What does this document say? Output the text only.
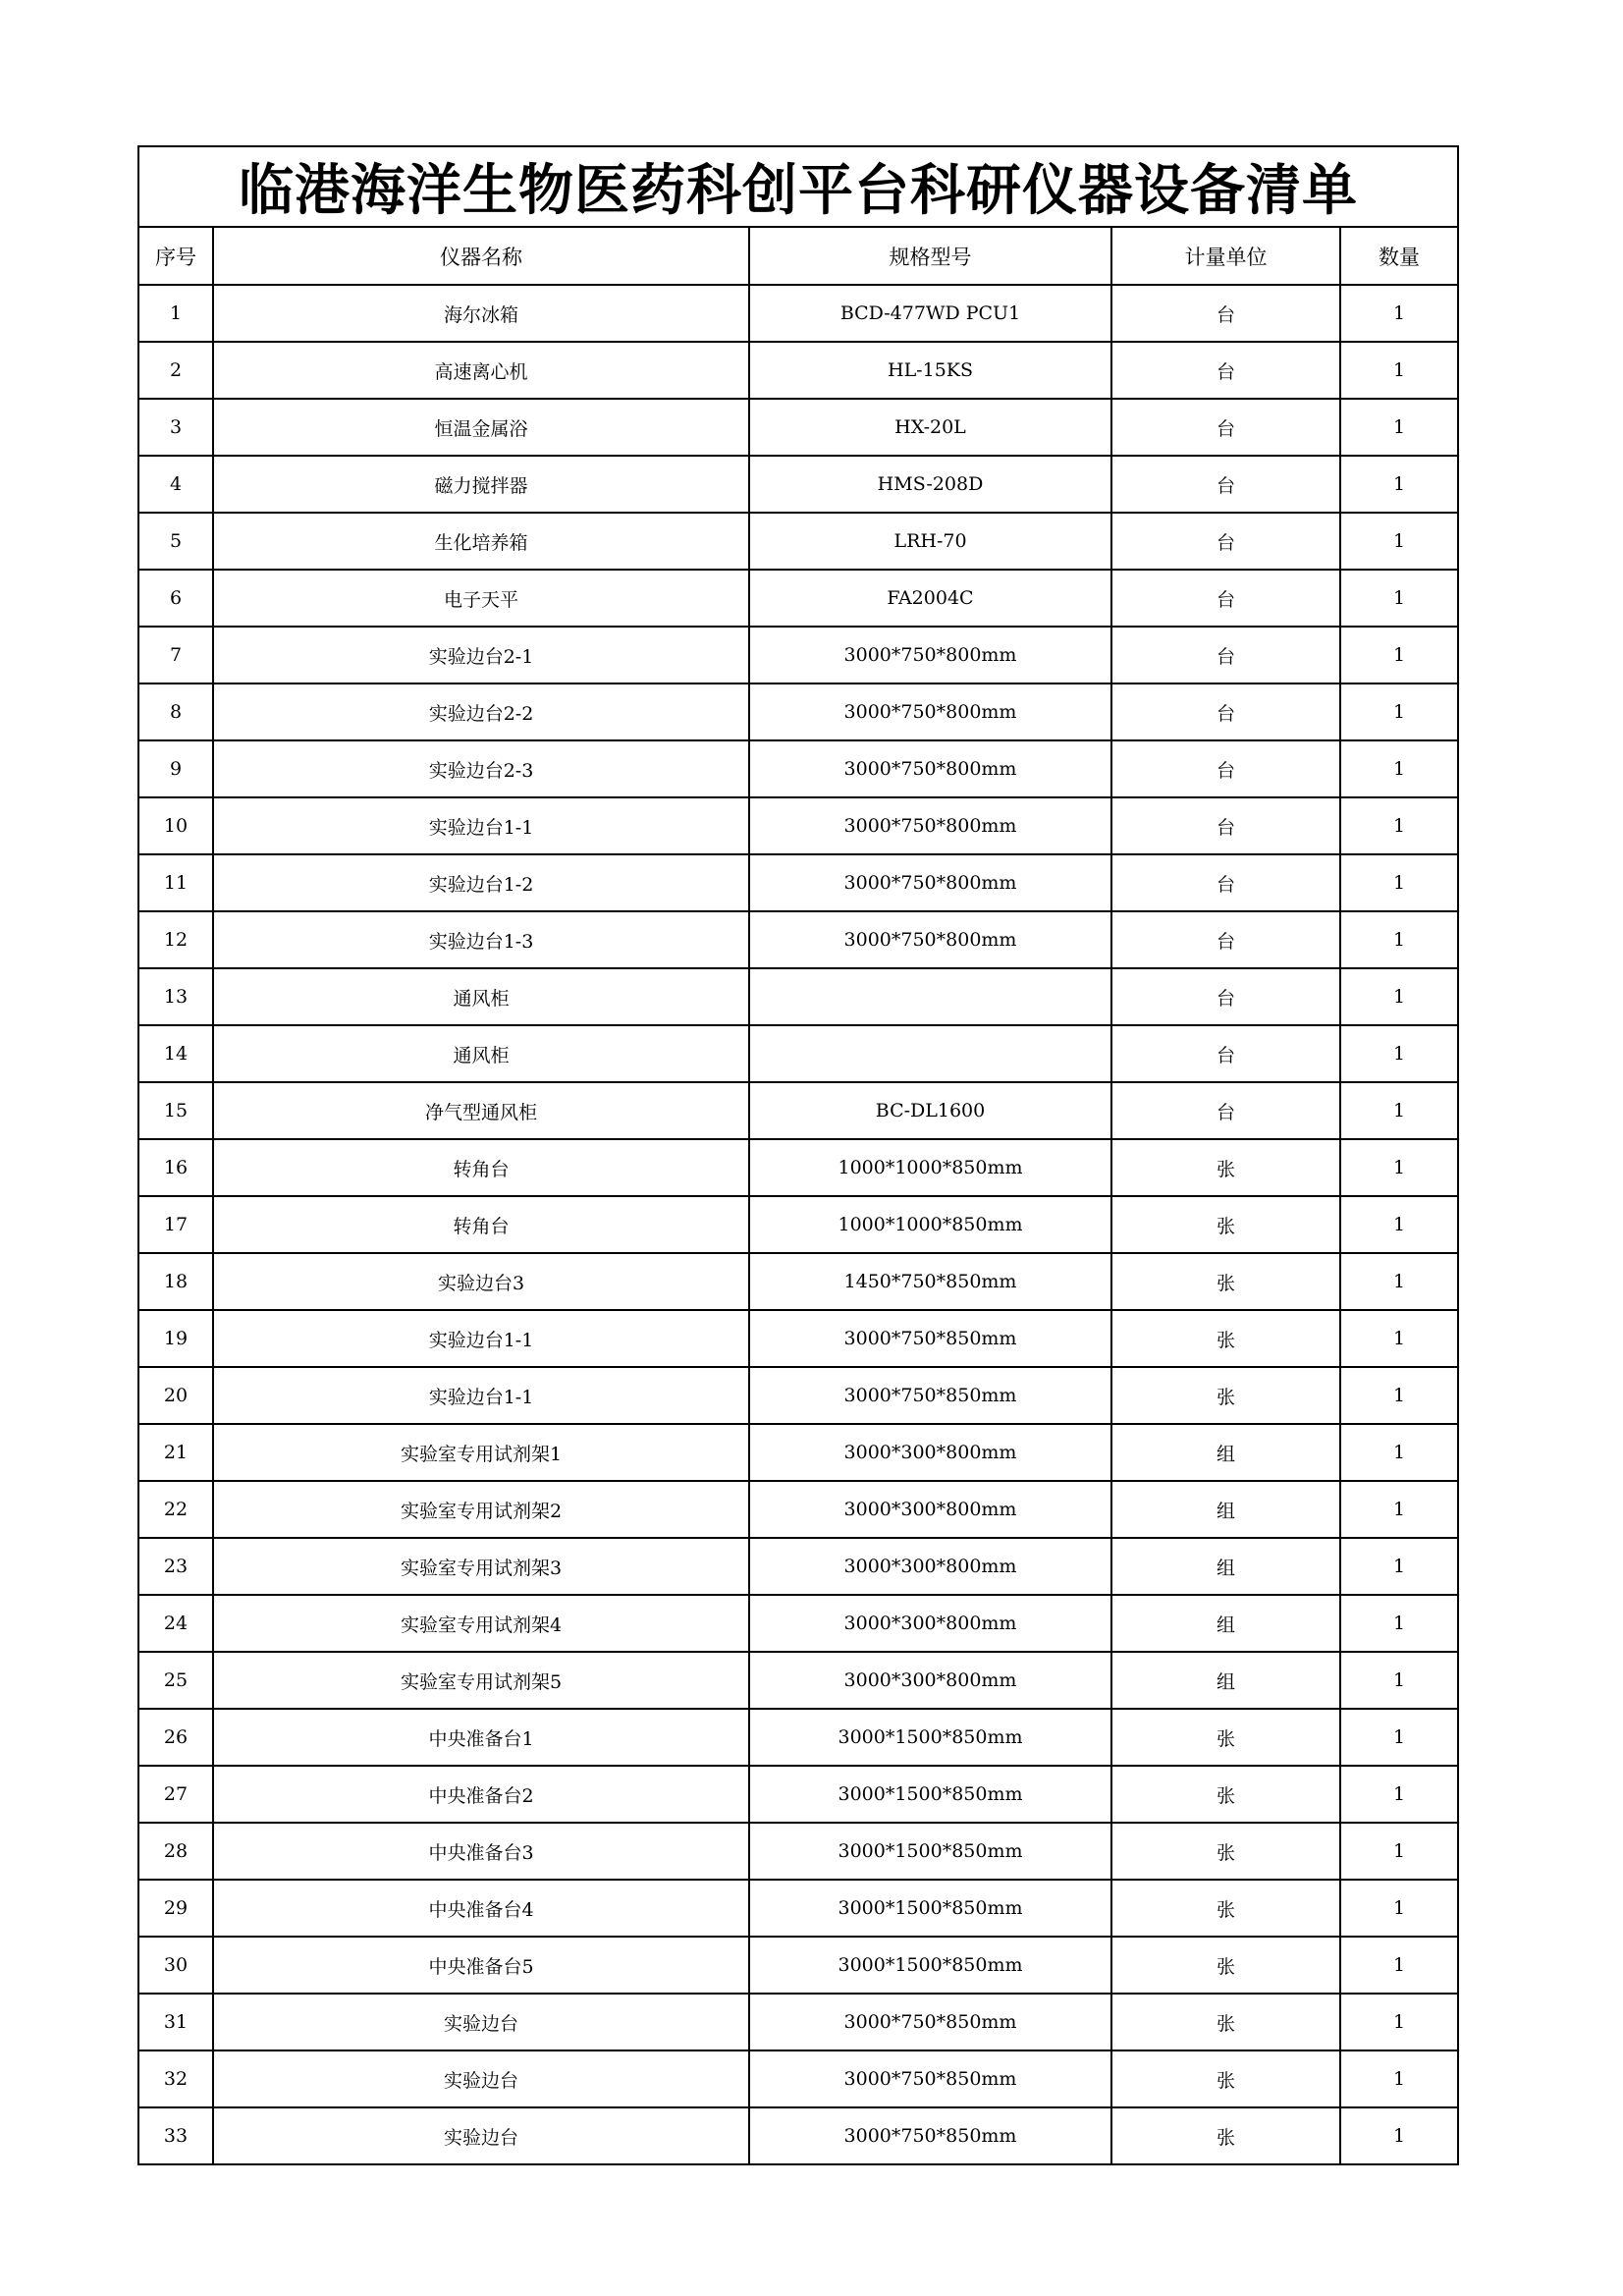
临港海洋生物医药科创平台科研仪器设备清单				
序号	仪器名称	规格型号	计量单位	数量
1	海尔冰箱	BCD-477WD PCU1	台	1
2	高速离心机	HL-15KS	台	1
3	恒温金属浴	HX-20L	台	1
4	磁力搅拌器	HMS-208D	台	1
5	生化培养箱	LRH-70	台	1
6	电子天平	FA2004C	台	1
7	实验边台2-1	3000*750*800mm	台	1
8	实验边台2-2	3000*750*800mm	台	1
9	实验边台2-3	3000*750*800mm	台	1
10	实验边台1-1	3000*750*800mm	台	1
11	实验边台1-2	3000*750*800mm	台	1
12	实验边台1-3	3000*750*800mm	台	1
13	通风柜		台	1
14	通风柜		台	1
15	净气型通风柜	BC-DL1600	台	1
16	转角台	1000*1000*850mm	张	1
17	转角台	1000*1000*850mm	张	1
18	实验边台3	1450*750*850mm	张	1
19	实验边台1-1	3000*750*850mm	张	1
20	实验边台1-1	3000*750*850mm	张	1
21	实验室专用试剂架1	3000*300*800mm	组	1
22	实验室专用试剂架2	3000*300*800mm	组	1
23	实验室专用试剂架3	3000*300*800mm	组	1
24	实验室专用试剂架4	3000*300*800mm	组	1
25	实验室专用试剂架5	3000*300*800mm	组	1
26	中央准备台1	3000*1500*850mm	张	1
27	中央准备台2	3000*1500*850mm	张	1
28	中央准备台3	3000*1500*850mm	张	1
29	中央准备台4	3000*1500*850mm	张	1
30	中央准备台5	3000*1500*850mm	张	1
31	实验边台	3000*750*850mm	张	1
32	实验边台	3000*750*850mm	张	1
33	实验边台	3000*750*850mm	张	1
